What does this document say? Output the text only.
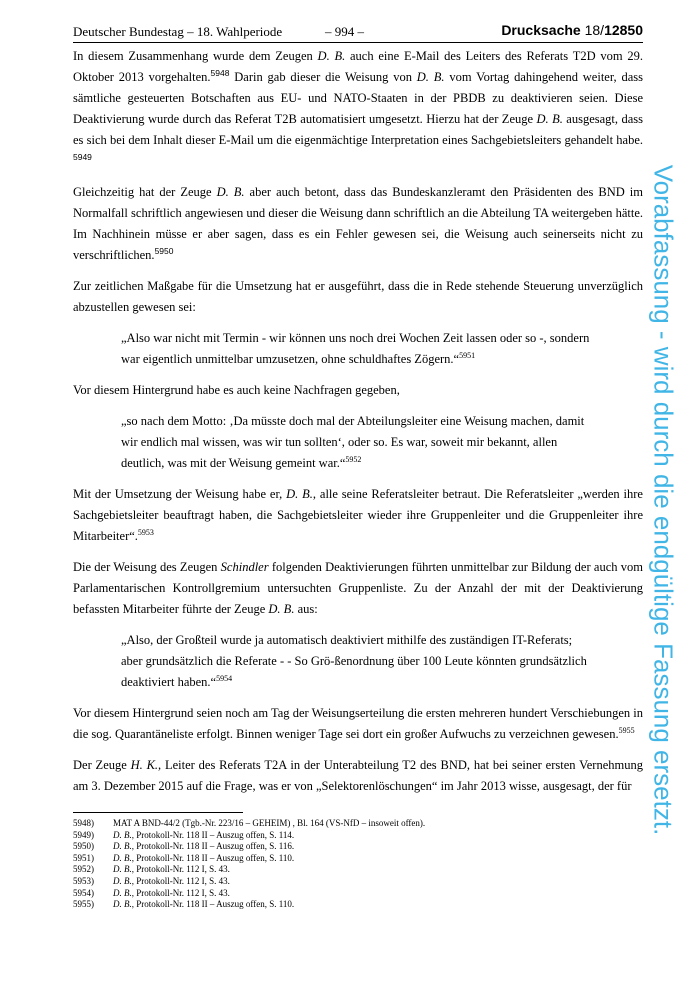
Deutscher Bundestag – 18. Wahlperiode	– 994 –	Drucksache 18/12850

In diesem Zusammenhang wurde dem Zeugen D. B. auch eine E-Mail des Leiters des Referats T2D vom 29. Oktober 2013 vorgehalten.$^{5948}$ Darin gab dieser die Weisung von D. B. vom Vortag dahingehend weiter, dass sämtliche gesteuerten Botschaften aus EU- und NATO-Staaten in der PBDB zu deaktivieren seien. Diese Deaktivierung wurde durch das Referat T2B automatisiert umgesetzt. Hierzu hat der Zeuge D. B. ausgesagt, dass es sich bei dem Inhalt dieser E-Mail um die eigenmächtige Interpretation eines Sachgebietsleiters gehandelt habe. $^{5949}$

Gleichzeitig hat der Zeuge D. B. aber auch betont, dass das Bundeskanzleramt den Präsidenten des BND im Normalfall schriftlich angewiesen und dieser die Weisung dann schriftlich an die Abteilung TA weitergeben hätte. Im Nachhinein müsse er aber sagen, dass es ein Fehler gewesen sei, die Weisung auch seinerseits nicht zu verschriftlichen.$^{5950}$

Zur zeitlichen Maßgabe für die Umsetzung hat er ausgeführt, dass die in Rede stehende Steuerung unverzüglich abzustellen gewesen sei:

„Also war nicht mit Termin - wir können uns noch drei Wochen Zeit lassen oder so -, sondern war eigentlich unmittelbar umzusetzen, ohne schuldhaftes Zögern.“$^{5951}$

Vor diesem Hintergrund habe es auch keine Nachfragen gegeben,

„so nach dem Motto: ‚Da müsste doch mal der Abteilungsleiter eine Weisung machen, damit wir endlich mal wissen, was wir tun sollten‘, oder so. Es war, soweit mir bekannt, allen deutlich, was mit der Weisung gemeint war.“$^{5952}$

Mit der Umsetzung der Weisung habe er, D. B., alle seine Referatsleiter betraut. Die Referatsleiter „werden ihre Sachgebietsleiter beauftragt haben, die Sachgebietsleiter wieder ihre Gruppenleiter und die Gruppenleiter ihre Mitarbeiter“.$^{5953}$

Die der Weisung des Zeugen Schindler folgenden Deaktivierungen führten unmittelbar zur Bildung der auch vom Parlamentarischen Kontrollgremium untersuchten Gruppenliste. Zu der Anzahl der mit der Deaktivierung befassten Mitarbeiter führte der Zeuge D. B. aus:

„Also, der Großteil wurde ja automatisch deaktiviert mithilfe des zuständigen IT-Referats; aber grundsätzlich die Referate - - So Grö-ßenordnung über 100 Leute könnten grundsätzlich deaktiviert haben.“$^{5954}$

Vor diesem Hintergrund seien noch am Tag der Weisungserteilung die ersten mehreren hundert Verschiebungen in die sog. Quarantäneliste erfolgt. Binnen weniger Tage sei dort ein großer Aufwuchs zu verzeichnen gewesen.$^{5955}$

Der Zeuge H. K., Leiter des Referats T2A in der Unterabteilung T2 des BND, hat bei seiner ersten Vernehmung am 3. Dezember 2015 auf die Frage, was er von „Selektorenlöschungen“ im Jahr 2013 wisse, ausgesagt, der für

5948)	MAT A BND-44/2 (Tgb.-Nr. 223/16 – GEHEIM) , Bl. 164 (VS-NfD – insoweit offen).
5949)	D. B., Protokoll-Nr. 118 II – Auszug offen, S. 114.
5950)	D. B., Protokoll-Nr. 118 II – Auszug offen, S. 116.
5951)	D. B., Protokoll-Nr. 118 II – Auszug offen, S. 110.
5952)	D. B., Protokoll-Nr. 112 I, S. 43.
5953)	D. B., Protokoll-Nr. 112 I, S. 43.
5954)	D. B., Protokoll-Nr. 112 I, S. 43.
5955)	D. B., Protokoll-Nr. 118 II – Auszug offen, S. 110.
Vorabfassung - wird durch die endgültige Fassung ersetzt.
